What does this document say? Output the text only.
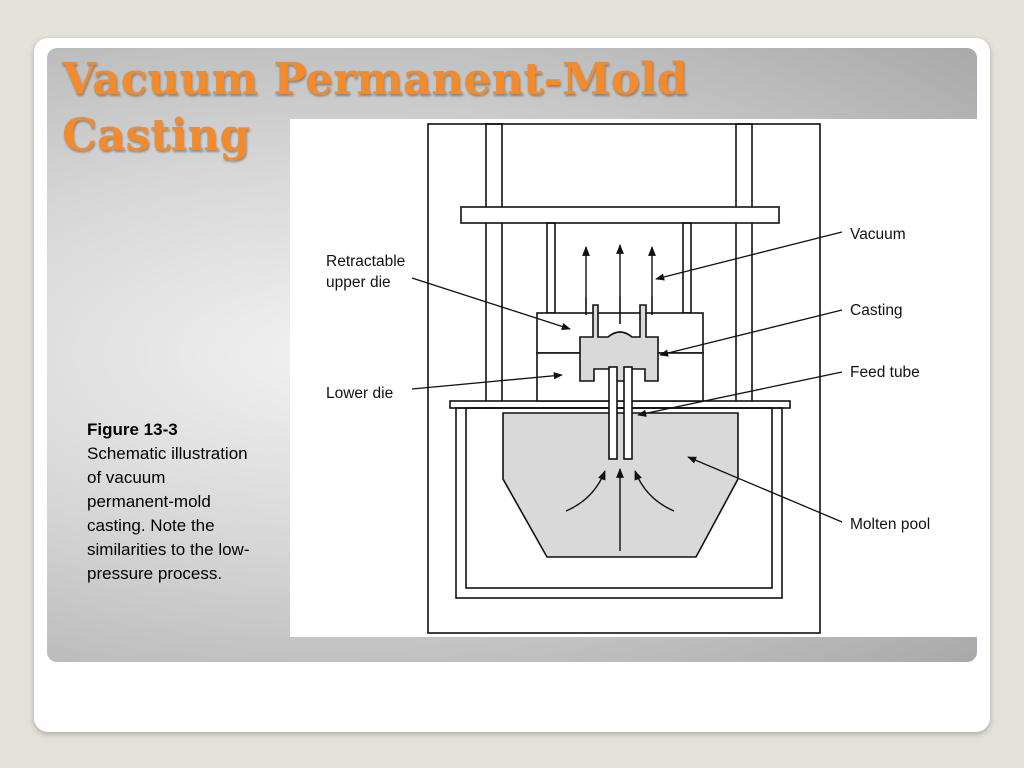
Vacuum Permanent-Mold
Casting
Figure 13-3
Schematic illustration of vacuum permanent-mold casting. Note the similarities to the low-pressure process.
Retractable
upper die
Lower die
Vacuum
Casting
Feed tube
Molten pool
